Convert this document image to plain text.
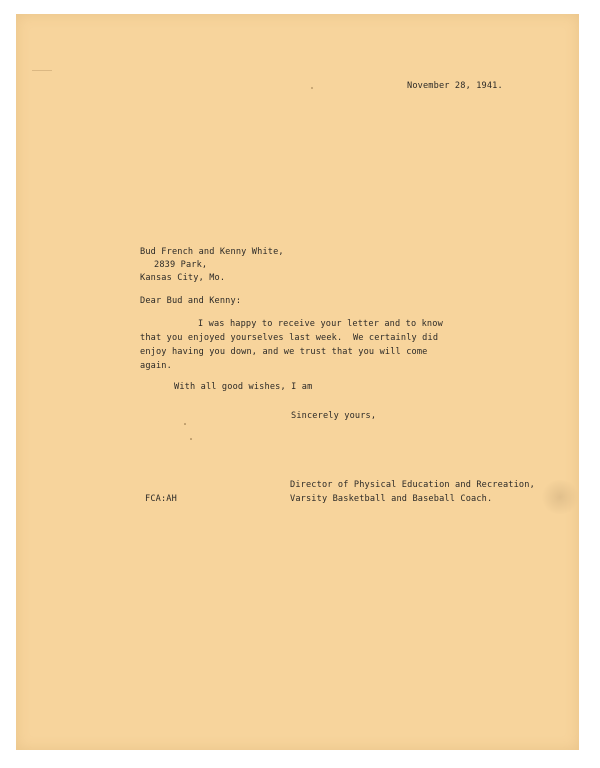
November 28, 1941.
Bud French and Kenny White,
2839 Park,
Kansas City, Mo.
Dear Bud and Kenny:
I was happy to receive your letter and to know
that you enjoyed yourselves last week.  We certainly did
enjoy having you down, and we trust that you will come
again.
With all good wishes, I am
Sincerely yours,
Director of Physical Education and Recreation,
Varsity Basketball and Baseball Coach.
FCA:AH
